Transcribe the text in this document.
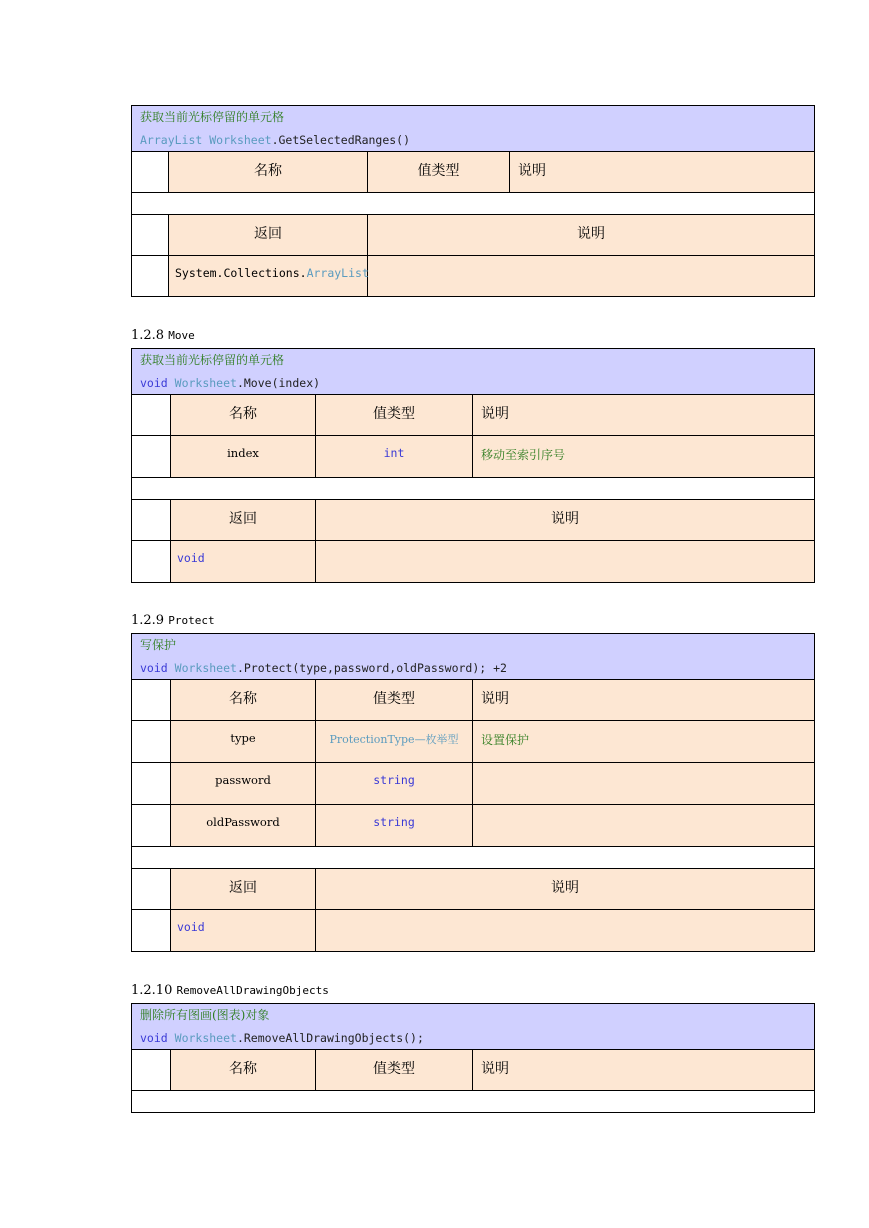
获取当前光标停留的单元格
ArrayList Worksheet.GetSelectedRanges()			

	名称	值类型	说明

	返回	说明	
	System.Collections.ArrayList		
1.2.8 Move
获取当前光标停留的单元格
void Worksheet.Move(index)			

	名称	值类型	说明
	index	int	移动至索引序号

	返回	说明	
	void		
1.2.9 Protect
写保护
void Worksheet.Protect(type,password,oldPassword); +2			

	名称	值类型	说明
	type	ProtectionType—枚举型	设置保护
	password	string	
	oldPassword	string	

	返回	说明	
	void		
1.2.10 RemoveAllDrawingObjects
删除所有图画(图表)对象
void Worksheet.RemoveAllDrawingObjects();

	名称	值类型	说明
